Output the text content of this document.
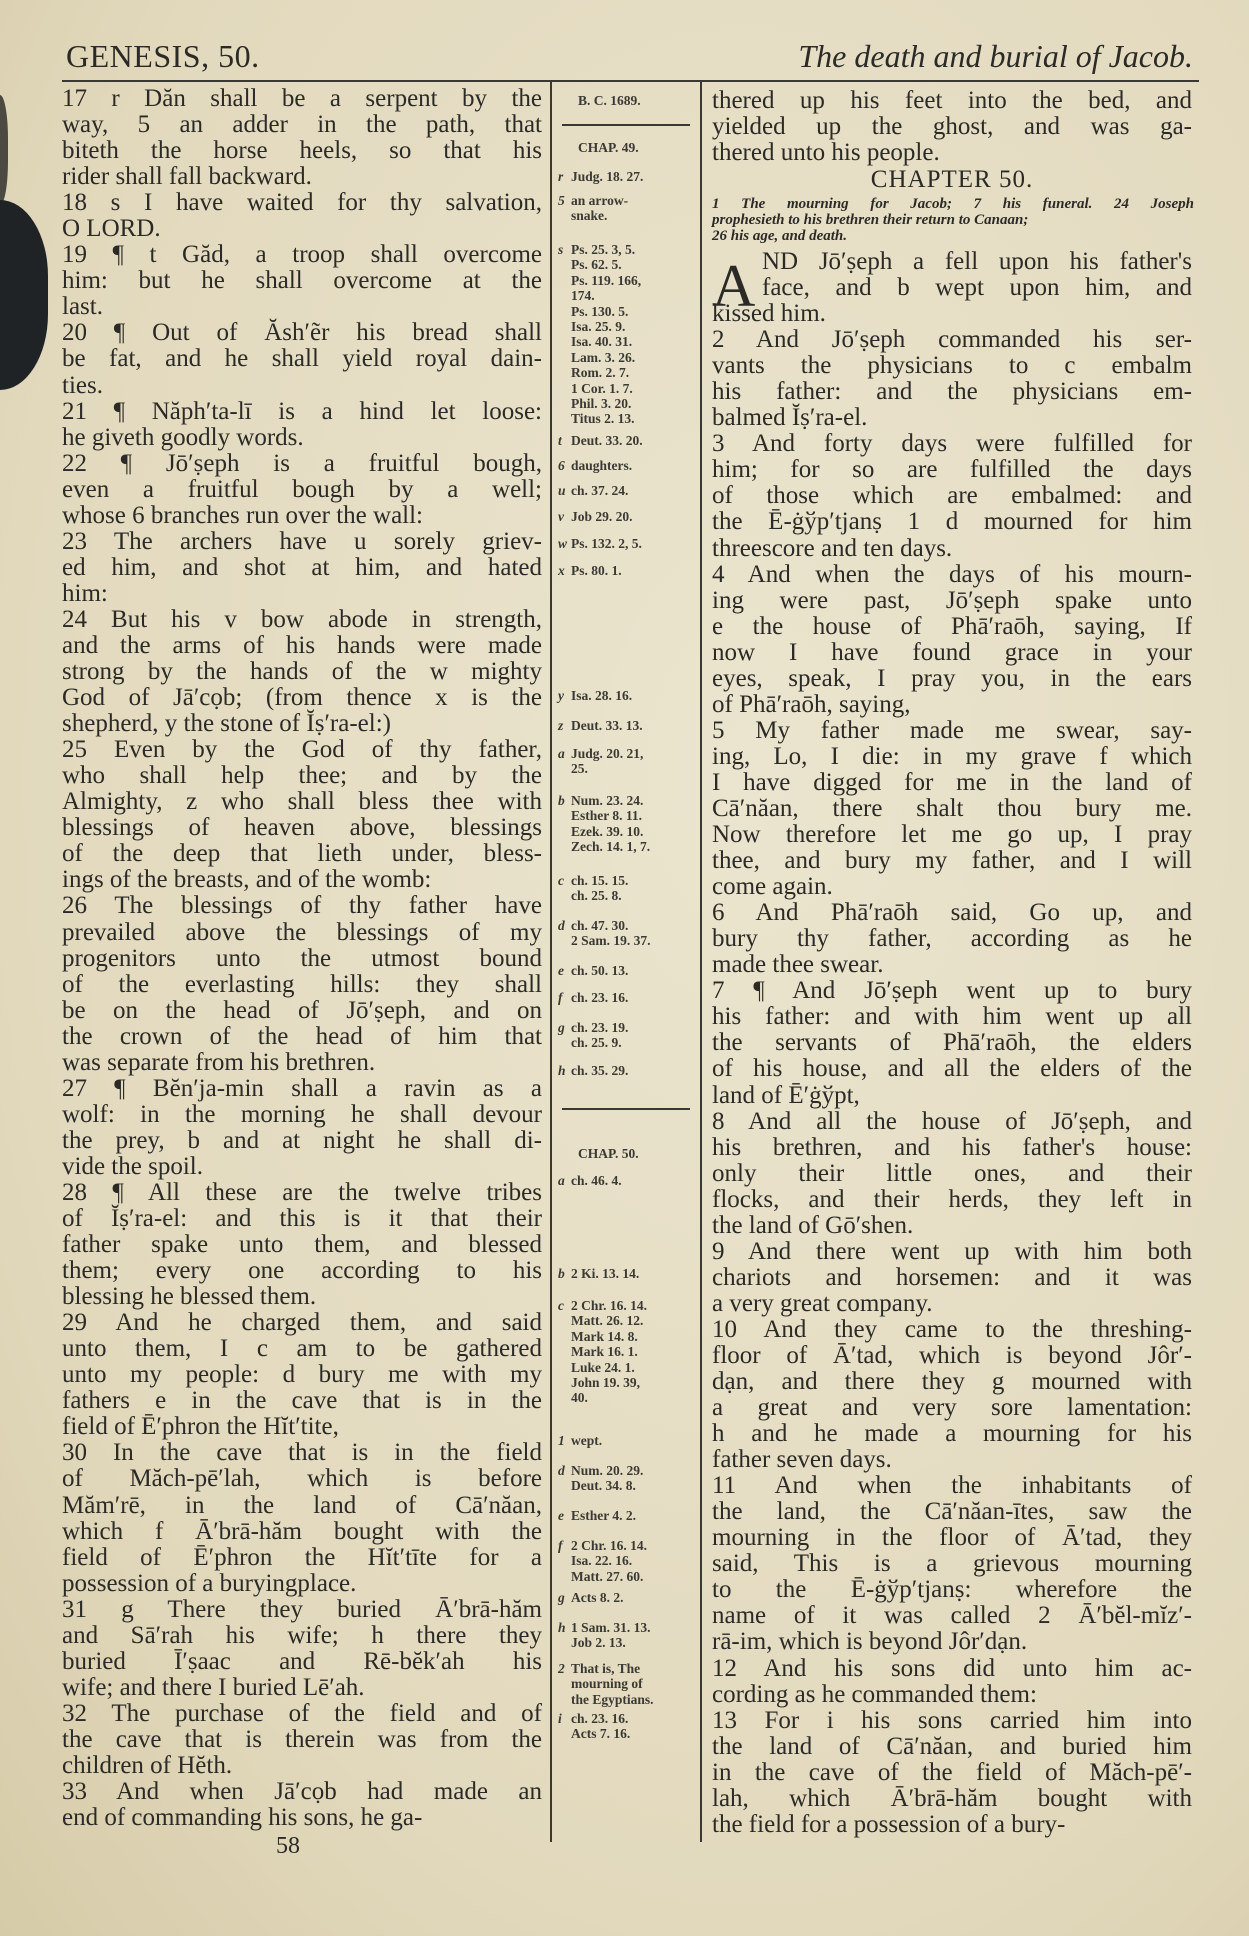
GENESIS, 50.	The death and burial of Jacob.
17 r Dăn shall be a serpent by the
way, 5 an adder in the path, that
biteth the horse heels, so that his
rider shall fall backward.
18 s I have waited for thy salvation,
O LORD.
19 ¶ t Găd, a troop shall overcome
him: but he shall overcome at the
last.
20 ¶ Out of Ăsh′ẽr his bread shall
be fat, and he shall yield royal dain-
ties.
21 ¶ Năph′ta-lī is a hind let loose:
he giveth goodly words.
22 ¶ Jō′ṣeph is a fruitful bough,
even a fruitful bough by a well;
whose 6 branches run over the wall:
23 The archers have u sorely griev-
ed him, and shot at him, and hated
him:
24 But his v bow abode in strength,
and the arms of his hands were made
strong by the hands of the w mighty
God of Jā′cọb; (from thence x is the
shepherd, y the stone of Ĭṣ′ra-el:)
25 Even by the God of thy father,
who shall help thee; and by the
Almighty, z who shall bless thee with
blessings of heaven above, blessings
of the deep that lieth under, bless-
ings of the breasts, and of the womb:
26 The blessings of thy father have
prevailed above the blessings of my
progenitors unto the utmost bound
of the everlasting hills: they shall
be on the head of Jō′ṣeph, and on
the crown of the head of him that
was separate from his brethren.
27 ¶ Bĕn′ja-min shall a ravin as a
wolf: in the morning he shall devour
the prey, b and at night he shall di-
vide the spoil.
28 ¶ All these are the twelve tribes
of Ĭṣ′ra-el: and this is it that their
father spake unto them, and blessed
them; every one according to his
blessing he blessed them.
29 And he charged them, and said
unto them, I c am to be gathered
unto my people: d bury me with my
fathers e in the cave that is in the
field of Ē′phron the Hĭt′tite,
30 In the cave that is in the field
of Măch-pē′lah, which is before
Măm′rē, in the land of Cā′năan,
which f Ā′brā-hăm bought with the
field of Ē′phron the Hĭt′tīte for a
possession of a buryingplace.
31 g There they buried Ā′brā-hăm
and Sā′rah his wife; h there they
buried Ī′ṣaac and Rē-bĕk′ah his
wife; and there I buried Lē′ah.
32 The purchase of the field and of
the cave that is therein was from the
children of Hĕth.
33 And when Jā′cọb had made an
end of commanding his sons, he ga-
thered up his feet into the bed, and
yielded up the ghost, and was ga-
thered unto his people.
CHAPTER 50.
1 The mourning for Jacob; 7 his funeral. 24 Joseph
prophesieth to his brethren their return to Canaan;
26 his age, and death.
A ND Jō′ṣeph a fell upon his father's
face, and b wept upon him, and
kissed him.
2 And Jō′ṣeph commanded his ser-
vants the physicians to c embalm
his father: and the physicians em-
balmed Ĭṣ′ra-el.
3 And forty days were fulfilled for
him; for so are fulfilled the days
of those which are embalmed: and
the Ē-ġўp′tjanṣ 1 d mourned for him
threescore and ten days.
4 And when the days of his mourn-
ing were past, Jō′ṣeph spake unto
e the house of Phā′raōh, saying, If
now I have found grace in your
eyes, speak, I pray you, in the ears
of Phā′raōh, saying,
5 My father made me swear, say-
ing, Lo, I die: in my grave f which
I have digged for me in the land of
Cā′năan, there shalt thou bury me.
Now therefore let me go up, I pray
thee, and bury my father, and I will
come again.
6 And Phā′raōh said, Go up, and
bury thy father, according as he
made thee swear.
7 ¶ And Jō′ṣeph went up to bury
his father: and with him went up all
the servants of Phā′raōh, the elders
of his house, and all the elders of the
land of Ē′ġўpt,
8 And all the house of Jō′ṣeph, and
his brethren, and his father's house:
only their little ones, and their
flocks, and their herds, they left in
the land of Gō′shen.
9 And there went up with him both
chariots and horsemen: and it was
a very great company.
10 And they came to the threshing-
floor of Ā′tad, which is beyond Jôr′-
dạn, and there they g mourned with
a great and very sore lamentation:
h and he made a mourning for his
father seven days.
11 And when the inhabitants of
the land, the Cā′năan-ītes, saw the
mourning in the floor of Ā′tad, they
said, This is a grievous mourning
to the Ē-ġўp′tjanṣ: wherefore the
name of it was called 2 Ā′bĕl-mĭz′-
rā-im, which is beyond Jôr′dạn.
12 And his sons did unto him ac-
cording as he commanded them:
13 For i his sons carried him into
the land of Cā′năan, and buried him
in the cave of the field of Măch-pē′-
lah, which Ā′brā-hăm bought with
the field for a possession of a bury-
B. C. 1689.
CHAP. 49.
r Judg. 18. 27.
5 an arrow-
snake.
s Ps. 25. 3, 5.
Ps. 62. 5.
Ps. 119. 166,
174.
Ps. 130. 5.
Isa. 25. 9.
Isa. 40. 31.
Lam. 3. 26.
Rom. 2. 7.
1 Cor. 1. 7.
Phil. 3. 20.
Titus 2. 13.
t Deut. 33. 20.
6 daughters.
u ch. 37. 24.
v Job 29. 20.
w Ps. 132. 2, 5.
x Ps. 80. 1.
y Isa. 28. 16.
z Deut. 33. 13.
a Judg. 20. 21,
25.
b Num. 23. 24.
Esther 8. 11.
Ezek. 39. 10.
Zech. 14. 1, 7.
c ch. 15. 15.
ch. 25. 8.
d ch. 47. 30.
2 Sam. 19. 37.
e ch. 50. 13.
f ch. 23. 16.
g ch. 23. 19.
ch. 25. 9.
h ch. 35. 29.
CHAP. 50.
a ch. 46. 4.
b 2 Ki. 13. 14.
c 2 Chr. 16. 14.
Matt. 26. 12.
Mark 14. 8.
Mark 16. 1.
Luke 24. 1.
John 19. 39,
40.
1 wept.
d Num. 20. 29.
Deut. 34. 8.
e Esther 4. 2.
f 2 Chr. 16. 14.
Isa. 22. 16.
Matt. 27. 60.
g Acts 8. 2.
h 1 Sam. 31. 13.
Job 2. 13.
2 That is, The
mourning of
the Egyptians.
i ch. 23. 16.
Acts 7. 16.
58
